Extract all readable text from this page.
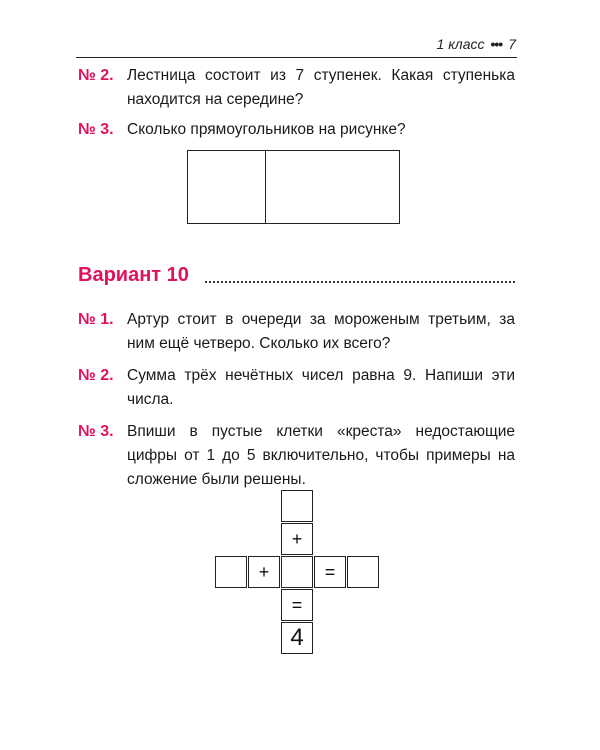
1 класс ••• 7
№ 2. Лестница состоит из 7 ступенек. Какая ступенька
находится на середине?
№ 3. Сколько прямоугольников на рисунке?
Вариант 10
№ 1. Артур стоит в очереди за мороженым третьим, за
ним ещё четверо. Сколько их всего?
№ 2. Сумма трёх нечётных чисел равна 9. Напиши эти
числа.
№ 3. Впиши в пустые клетки «креста» недостающие
цифры от 1 до 5 включительно, чтобы примеры на
сложение были решены.
+
=
4
+	=
